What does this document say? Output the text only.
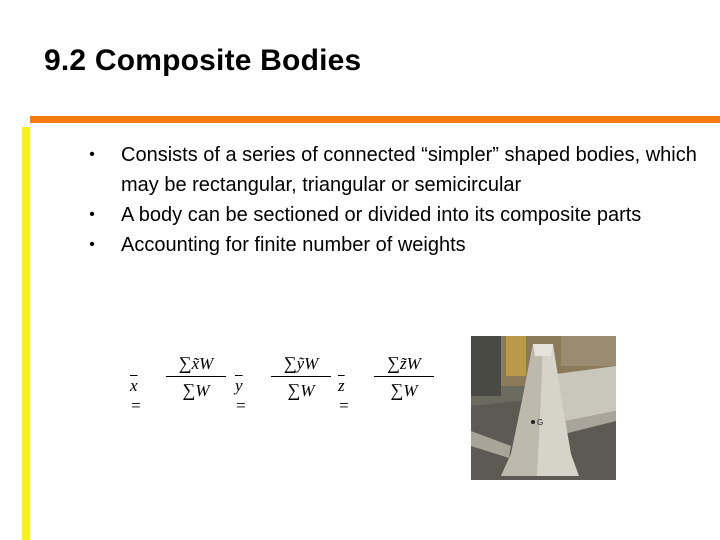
9.2 Composite Bodies
• Consists of a series of connected “simpler” shaped bodies, which may be rectangular, triangular or semicircular
• A body can be sectioned or divided into its composite parts
• Accounting for finite number of weights
$\overline{x}$ =
∑x̃W
∑W	$\overline{y}$ =
∑ỹW
∑W	$\overline{z}$ =
∑z̃W
∑W
G
